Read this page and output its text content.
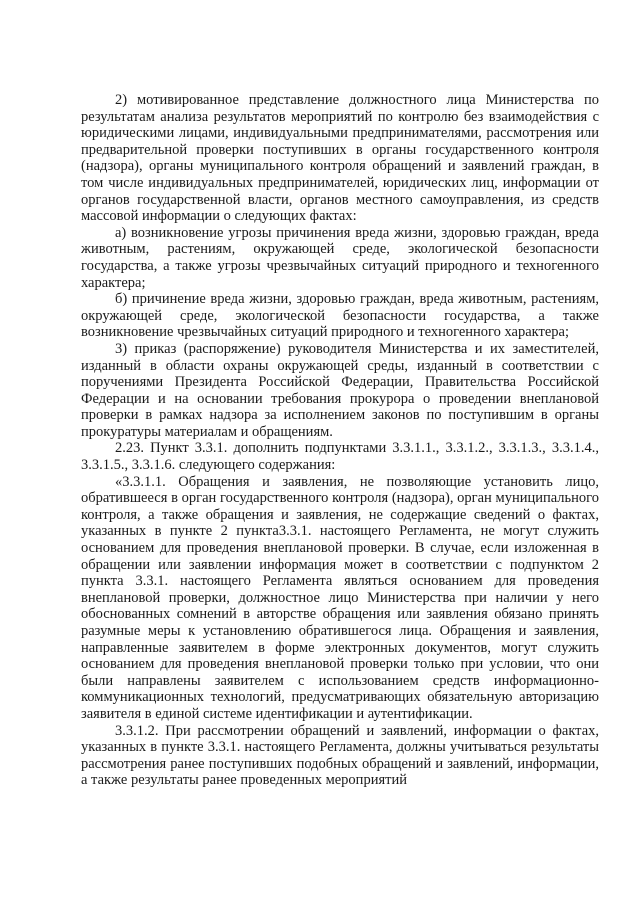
2) мотивированное представление должностного лица Министерства по результатам анализа результатов мероприятий по контролю без взаимодействия с юридическими лицами, индивидуальными предпринимателями, рассмотрения или предварительной проверки поступивших в органы государственного контроля (надзора), органы муниципального контроля обращений и заявлений граждан, в том числе индивидуальных предпринимателей, юридических лиц, информации от органов государственной власти, органов местного самоуправления, из средств массовой информации о следующих фактах:

а) возникновение угрозы причинения вреда жизни, здоровью граждан, вреда животным, растениям, окружающей среде, экологической безопасности государства, а также угрозы чрезвычайных ситуаций природного и техногенного характера;

б) причинение вреда жизни, здоровью граждан, вреда животным, растениям, окружающей среде, экологической безопасности государства, а также возникновение чрезвычайных ситуаций природного и техногенного характера;

3) приказ (распоряжение) руководителя Министерства и их заместителей, изданный в области охраны окружающей среды, изданный в соответствии с поручениями Президента Российской Федерации, Правительства Российской Федерации и на основании требования прокурора о проведении внеплановой проверки в рамках надзора за исполнением законов по поступившим в органы прокуратуры материалам и обращениям.

2.23. Пункт 3.3.1. дополнить подпунктами 3.3.1.1., 3.3.1.2., 3.3.1.3., 3.3.1.4., 3.3.1.5., 3.3.1.6. следующего содержания:

«3.3.1.1. Обращения и заявления, не позволяющие установить лицо, обратившееся в орган государственного контроля (надзора), орган муниципального контроля, а также обращения и заявления, не содержащие сведений о фактах, указанных в пункте 2 пункта3.3.1. настоящего Регламента, не могут служить основанием для проведения внеплановой проверки. В случае, если изложенная в обращении или заявлении информация может в соответствии с подпунктом 2 пункта 3.3.1. настоящего Регламента являться основанием для проведения внеплановой проверки, должностное лицо Министерства при наличии у него обоснованных сомнений в авторстве обращения или заявления обязано принять разумные меры к установлению обратившегося лица. Обращения и заявления, направленные заявителем в форме электронных документов, могут служить основанием для проведения внеплановой проверки только при условии, что они были направлены заявителем с использованием средств информационно-коммуникационных технологий, предусматривающих обязательную авторизацию заявителя в единой системе идентификации и аутентификации.

3.3.1.2. При рассмотрении обращений и заявлений, информации о фактах, указанных в пункте 3.3.1. настоящего Регламента, должны учитываться результаты рассмотрения ранее поступивших подобных обращений и заявлений, информации, а также результаты ранее проведенных мероприятий
